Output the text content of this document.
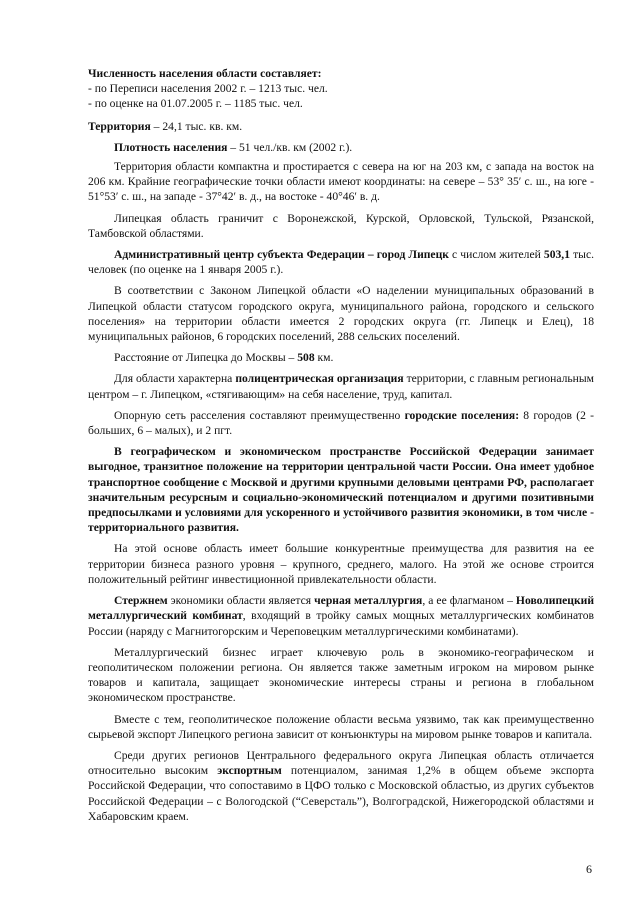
Численность населения области составляет:

- по Переписи населения 2002 г. – 1213 тыс. чел.

- по оценке на 01.07.2005 г. – 1185 тыс. чел.

Территория – 24,1 тыс. кв. км.

Плотность населения – 51 чел./кв. км (2002 г.).

Территория области компактна и простирается с севера на юг на 203 км, с запада на восток на 206 км. Крайние географические точки области имеют координаты: на севере – 53° 35′ с. ш., на юге - 51°53′ с. ш., на западе - 37°42′ в. д., на востоке - 40°46′ в. д.

Липецкая область граничит с Воронежской, Курской, Орловской, Тульской, Рязанской, Тамбовской областями.

Административный центр субъекта Федерации – город Липецк с числом жителей 503,1 тыс. человек (по оценке на 1 января 2005 г.).

В соответствии с Законом Липецкой области «О наделении муниципальных образований в Липецкой области статусом городского округа, муниципального района, городского и сельского поселения» на территории области имеется 2 городских округа (гг. Липецк и Елец), 18 муниципальных районов, 6 городских поселений, 288 сельских поселений.

Расстояние от Липецка до Москвы – 508 км.

Для области характерна полицентрическая организация территории, с главным региональным центром – г. Липецком, «стягивающим» на себя население, труд, капитал.

Опорную сеть расселения составляют преимущественно городские поселения: 8 городов (2 - больших, 6 – малых), и 2 пгт.

В географическом и экономическом пространстве Российской Федерации занимает выгодное, транзитное положение на территории центральной части России. Она имеет удобное транспортное сообщение с Москвой и другими крупными деловыми центрами РФ, располагает значительным ресурсным и социально-экономический потенциалом и другими позитивными предпосылками и условиями для ускоренного и устойчивого развития экономики, в том числе - территориального развития.

На этой основе область имеет большие конкурентные преимущества для развития на ее территории бизнеса разного уровня – крупного, среднего, малого. На этой же основе строится положительный рейтинг инвестиционной привлекательности области.

Стержнем экономики области является черная металлургия, а ее флагманом – Новолипецкий металлургический комбинат, входящий в тройку самых мощных металлургических комбинатов России (наряду с Магнитогорским и Череповецким металлургическими комбинатами).

Металлургический бизнес играет ключевую роль в экономико-географическом и геополитическом положении региона. Он является также заметным игроком на мировом рынке товаров и капитала, защищает экономические интересы страны и региона в глобальном экономическом пространстве.

Вместе с тем, геополитическое положение области весьма уязвимо, так как преимущественно сырьевой экспорт Липецкого региона зависит от конъюнктуры на мировом рынке товаров и капитала.

Среди других регионов Центрального федерального округа Липецкая область отличается относительно высоким экспортным потенциалом, занимая 1,2% в общем объеме экспорта Российской Федерации, что сопоставимо в ЦФО только с Московской областью, из других субъектов Российской Федерации – с Вологодской (“Северсталь”), Волгоградской, Нижегородской областями и Хабаровским краем.

6
